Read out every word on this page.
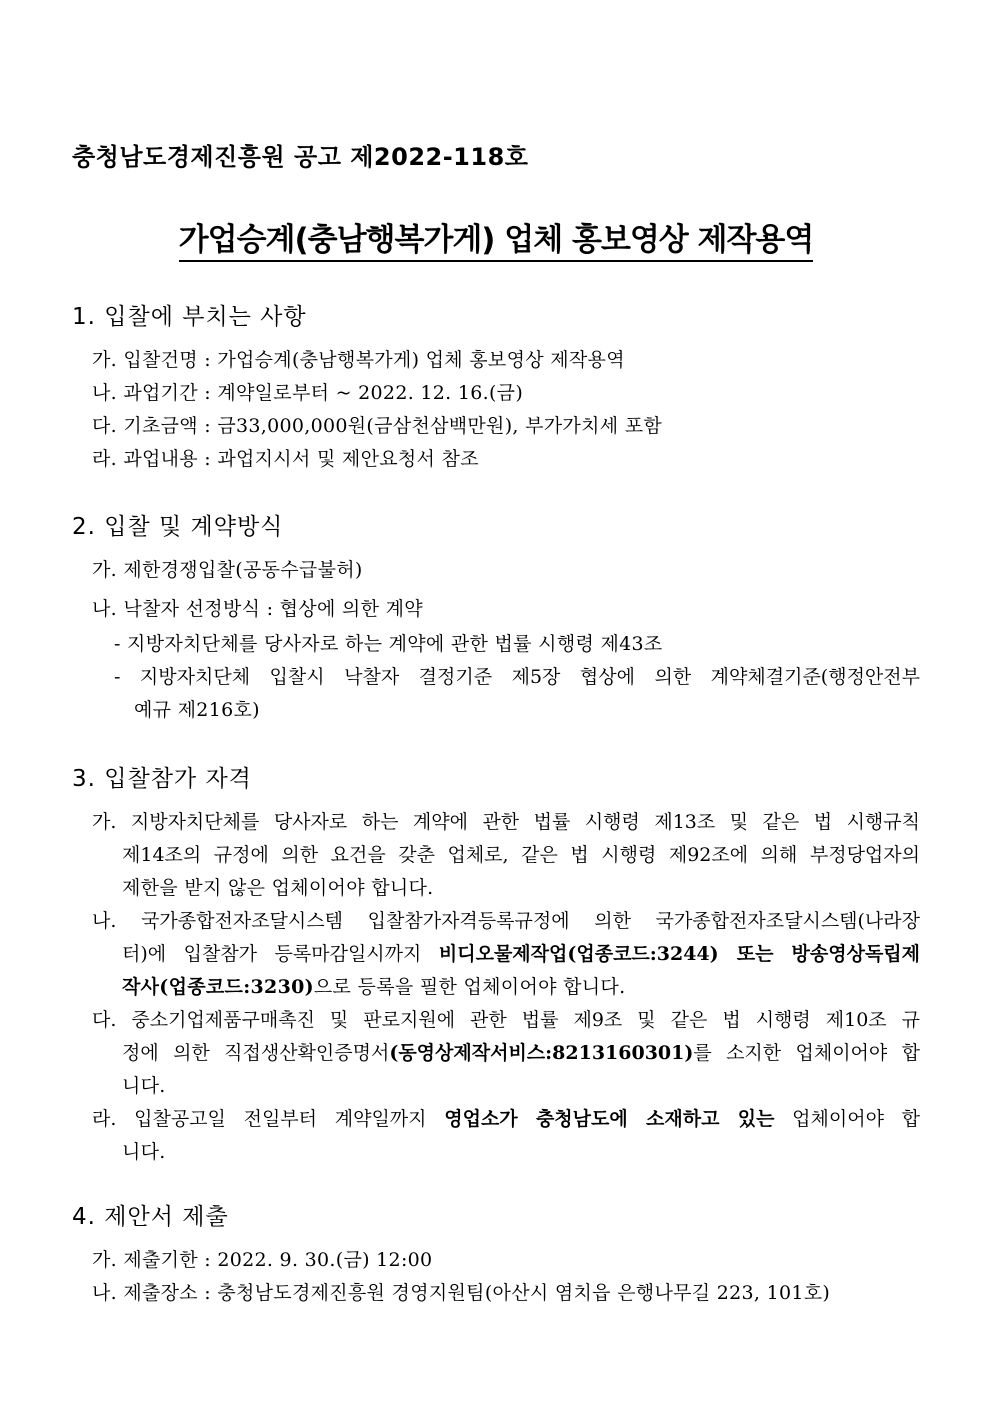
충청남도경제진흥원 공고 제2022-118호
가업승계(충남행복가게) 업체 홍보영상 제작용역
1. 입찰에 부치는 사항
가. 입찰건명 : 가업승계(충남행복가게) 업체 홍보영상 제작용역
나. 과업기간 : 계약일로부터 ~ 2022. 12. 16.(금)
다. 기초금액 : 금33,000,000원(금삼천삼백만원), 부가가치세 포함
라. 과업내용 : 과업지시서 및 제안요청서 참조
2. 입찰 및 계약방식
가. 제한경쟁입찰(공동수급불허)
나. 낙찰자 선정방식 : 협상에 의한 계약
- 지방자치단체를 당사자로 하는 계약에 관한 법률 시행령 제43조
- 지방자치단체 입찰시 낙찰자 결정기준 제5장 협상에 의한 계약체결기준(행정안전부
예규 제216호)
3. 입찰참가 자격
가. 지방자치단체를 당사자로 하는 계약에 관한 법률 시행령 제13조 및 같은 법 시행규칙
제14조의 규정에 의한 요건을 갖춘 업체로, 같은 법 시행령 제92조에 의해 부정당업자의
제한을 받지 않은 업체이어야 합니다.
나. 국가종합전자조달시스템 입찰참가자격등록규정에 의한 국가종합전자조달시스템(나라장
터)에 입찰참가 등록마감일시까지 비디오물제작업(업종코드:3244) 또는 방송영상독립제
작사(업종코드:3230)으로 등록을 필한 업체이어야 합니다.
다. 중소기업제품구매촉진 및 판로지원에 관한 법률 제9조 및 같은 법 시행령 제10조 규
정에 의한 직접생산확인증명서(동영상제작서비스:8213160301)를 소지한 업체이어야 합
니다.
라. 입찰공고일 전일부터 계약일까지 영업소가 충청남도에 소재하고 있는 업체이어야 합
니다.
4. 제안서 제출
가. 제출기한 : 2022. 9. 30.(금) 12:00
나. 제출장소 : 충청남도경제진흥원 경영지원팀(아산시 염치읍 은행나무길 223, 101호)
